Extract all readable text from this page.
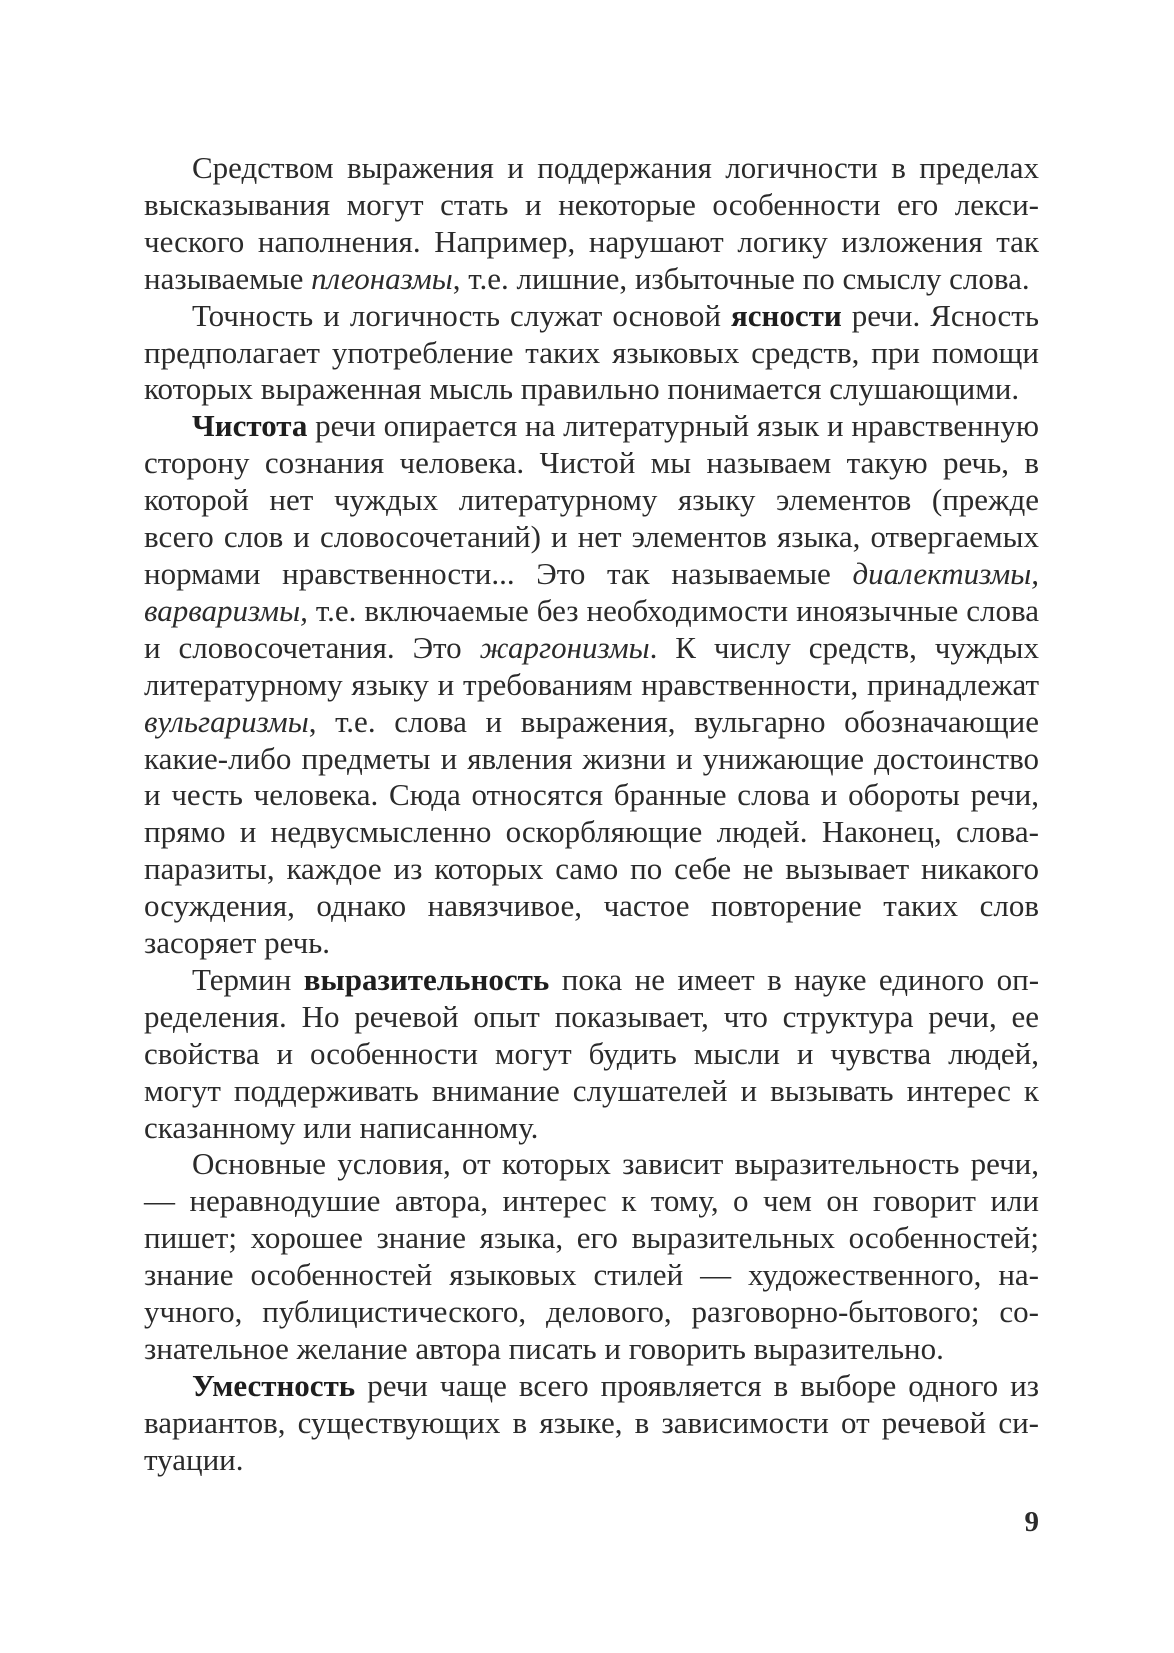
Средством выражения и поддержания логичности в пределах высказывания могут стать и некоторые особенности его лексического наполнения. Например, нарушают логику изложения так называемые плеоназмы, т.е. лишние, избыточные по смыслу слова.

Точность и логичность служат основой ясности речи. Ясность предполагает употребление таких языковых средств, при помощи которых выраженная мысль правильно понимается слушающими.

Чистота речи опирается на литературный язык и нравственную сторону сознания человека. Чистой мы называем такую речь, в которой нет чуждых литературному языку элементов (прежде всего слов и словосочетаний) и нет элементов языка, отвергаемых нормами нравственности... Это так называемые диалектизмы, варваризмы, т.е. включаемые без необходимости иноязычные слова и словосочетания. Это жаргонизмы. К числу средств, чуждых литературному языку и требованиям нравственности, принадлежат вульгаризмы, т.е. слова и выражения, вульгарно обозначающие какие-либо предметы и явления жизни и унижающие достоинство и честь человека. Сюда относятся бранные слова и обороты речи, прямо и недвусмысленно оскорбляющие людей. Наконец, слова-паразиты, каждое из которых само по себе не вызывает никакого осуждения, однако навязчивое, частое повторение таких слов засоряет речь.

Термин выразительность пока не имеет в науке единого определения. Но речевой опыт показывает, что структура речи, ее свойства и особенности могут будить мысли и чувства людей, могут поддерживать внимание слушателей и вызывать интерес к сказанному или написанному.

Основные условия, от которых зависит выразительность речи, — неравнодушие автора, интерес к тому, о чем он говорит или пишет; хорошее знание языка, его выразительных особенностей; знание особенностей языковых стилей — художественного, научного, публицистического, делового, разговорно-бытового; сознательное желание автора писать и говорить выразительно.

Уместность речи чаще всего проявляется в выборе одного из вариантов, существующих в языке, в зависимости от речевой ситуации.

9
